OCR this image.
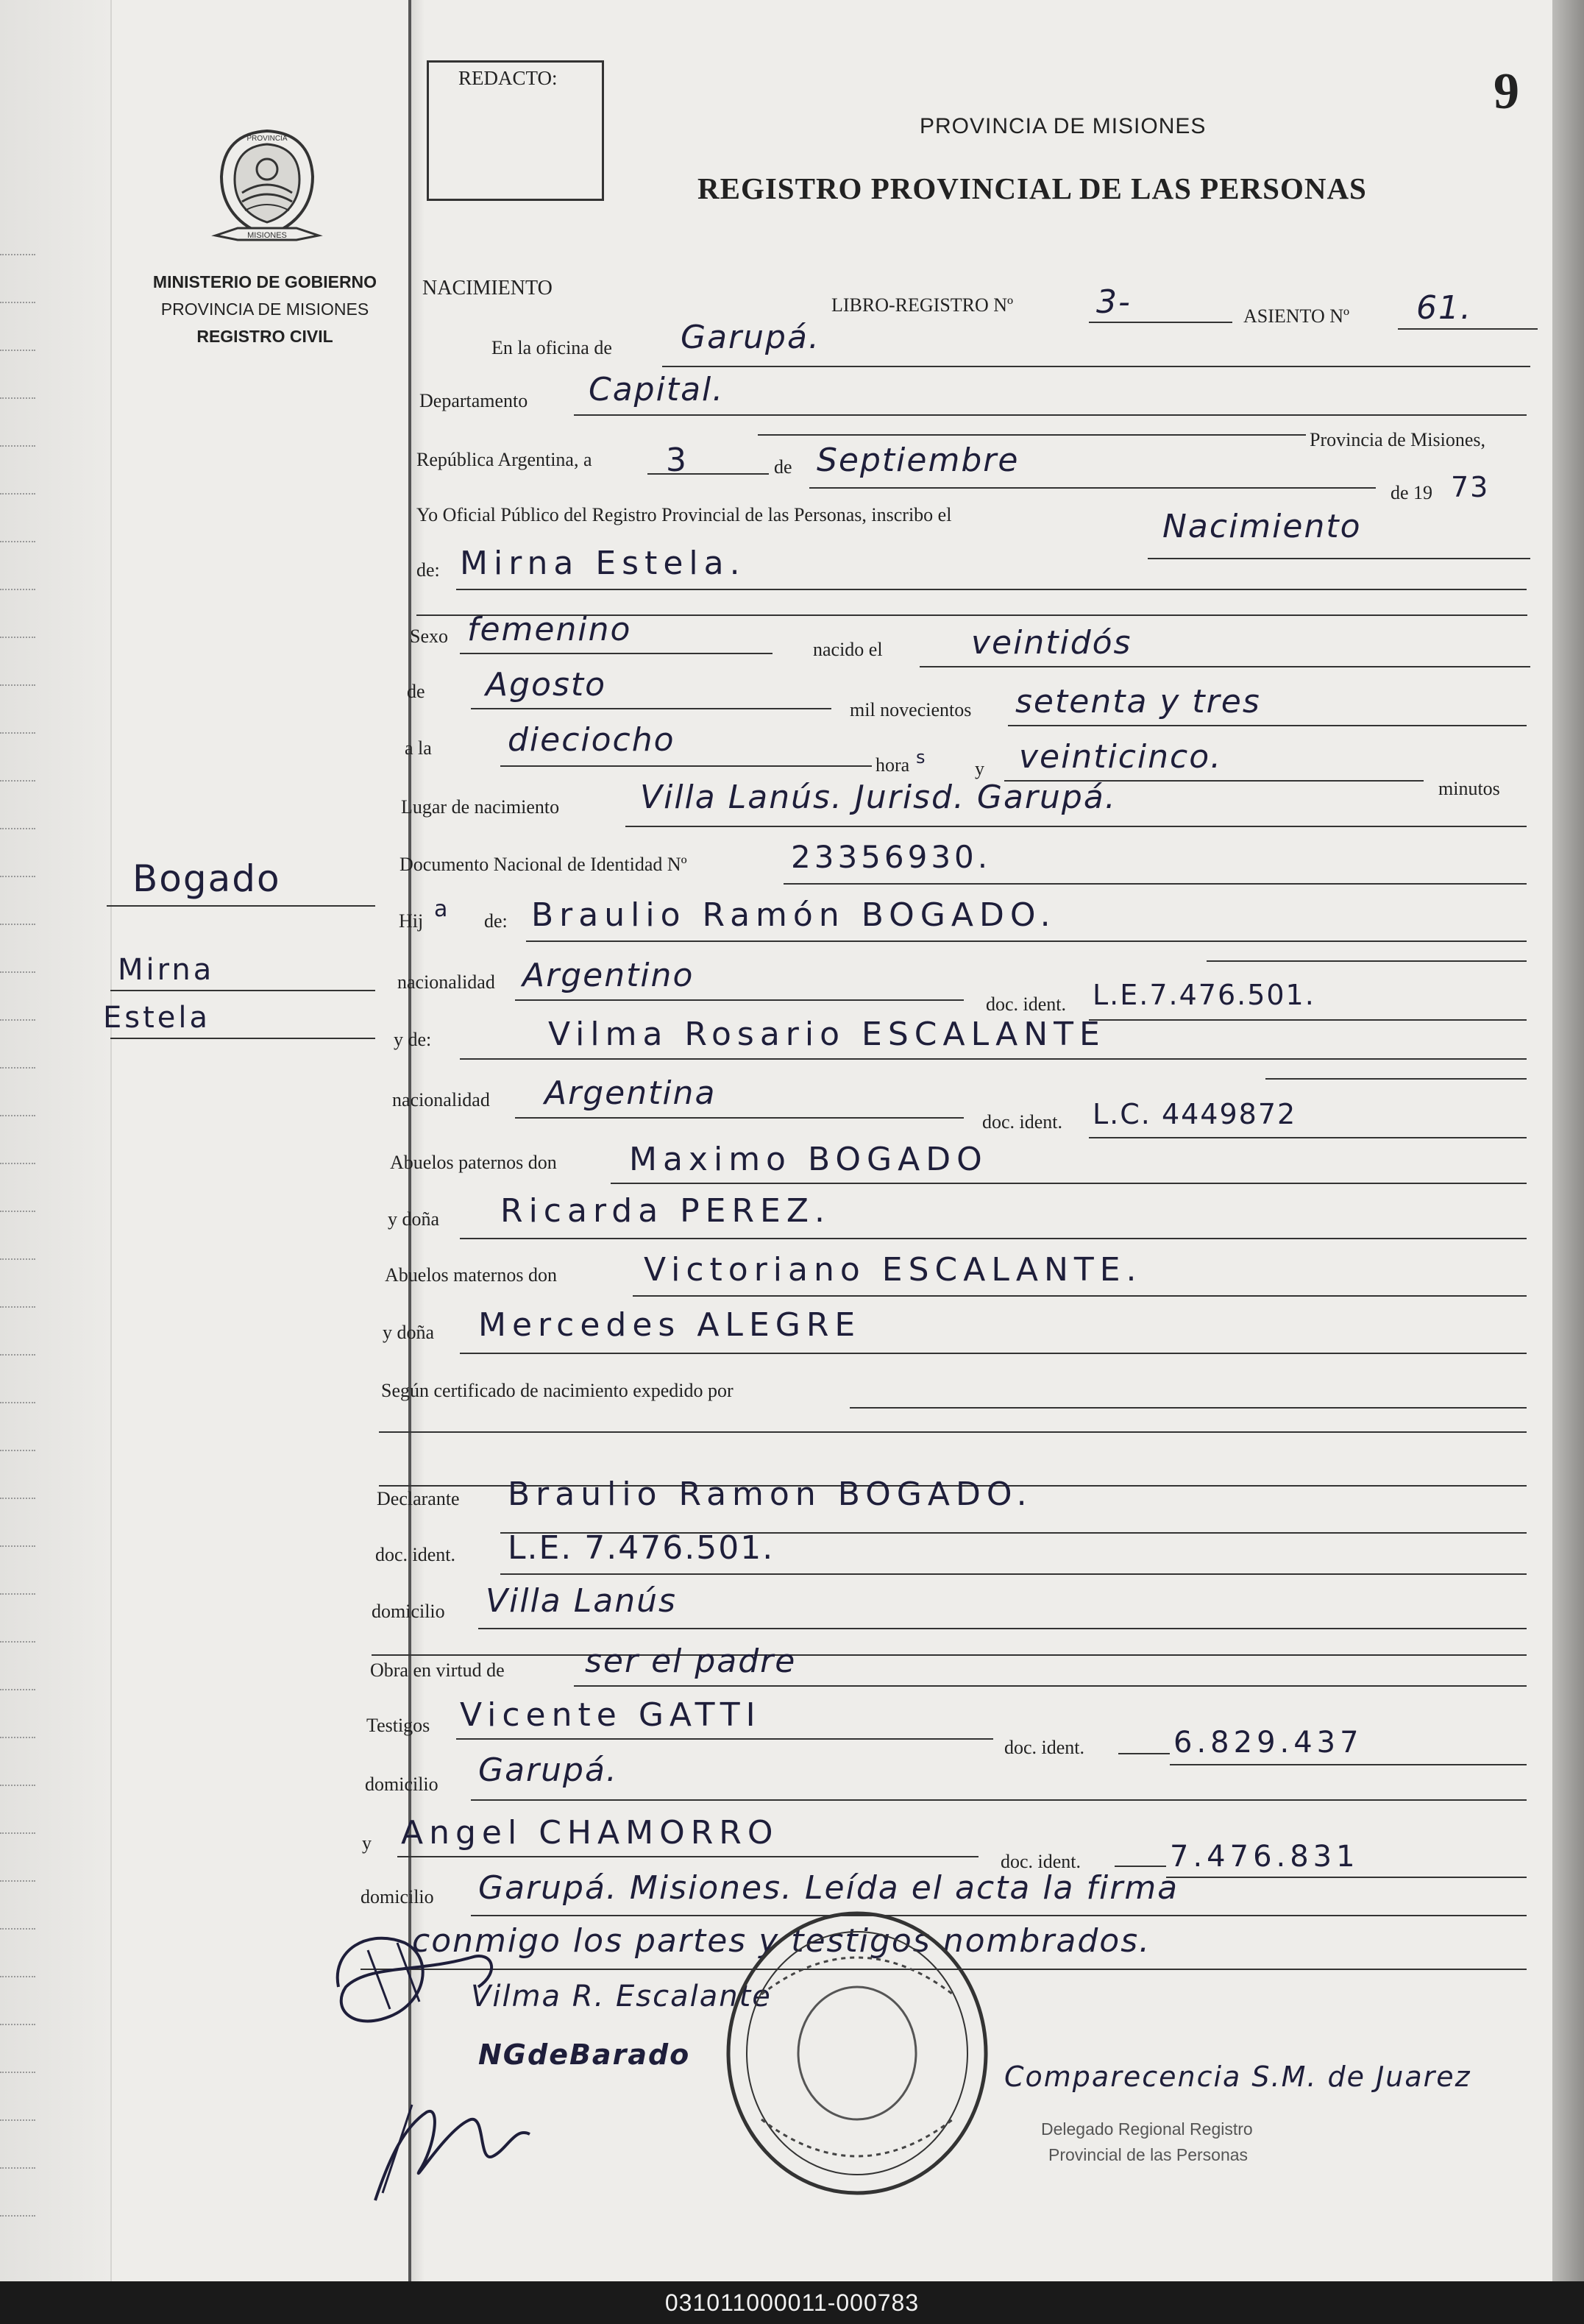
PROVINCIA
MISIONES
MINISTERIO DE GOBIERNO
PROVINCIA DE MISIONES
REGISTRO CIVIL
Bogado
Mirna
Estela
REDACTO:	9
PROVINCIA DE MISIONES
REGISTRO PROVINCIAL DE LAS PERSONAS
NACIMIENTO
LIBRO-REGISTRO Nº	3-	ASIENTO Nº 61.
En la oficina de Garupá.
Departamento Capital.
Provincia de Misiones,
República Argentina, a 3	de Septiembre
de 19 73
Yo Oficial Público del Registro Provincial de las Personas, inscribo el	Nacimiento
de: Mirna Estela.
Sexo femenino
nacido el	veintidós
de Agosto
mil novecientos setenta y tres
a la dieciocho
hora s
y veinticinco.
minutos
Lugar de nacimiento Villa Lanús. Jurisd. Garupá.
Documento Nacional de Identidad Nº	23356930.
Hij a de: Braulio Ramón BOGADO.
nacionalidad Argentino
doc. ident. L.E.7.476.501.
y de:	Vilma Rosario ESCALANTE
nacionalidad Argentina
doc. ident. L.C. 4449872
Abuelos paternos don Maximo BOGADO
y doña Ricarda PEREZ.
Abuelos maternos don	Victoriano ESCALANTE.
y doña Mercedes ALEGRE
Según certificado de nacimiento expedido por
Declarante Braulio Ramon BOGADO.
doc. ident. L.E. 7.476.501.
domicilio Villa Lanús
Obra en virtud de ser el padre
Testigos Vicente GATTI
doc. ident.	6.829.437
domicilio Garupá.
y Angel CHAMORRO
doc. ident.	7.476.831
domicilio Garupá. Misiones. Leída el acta la firma
conmigo los partes y testigos nombrados.
Vilma R. Escalante
NGdeBarado
Comparecencia S.M. de Juarez
Delegado Regional Registro
Provincial de las Personas
031011000011-000783
